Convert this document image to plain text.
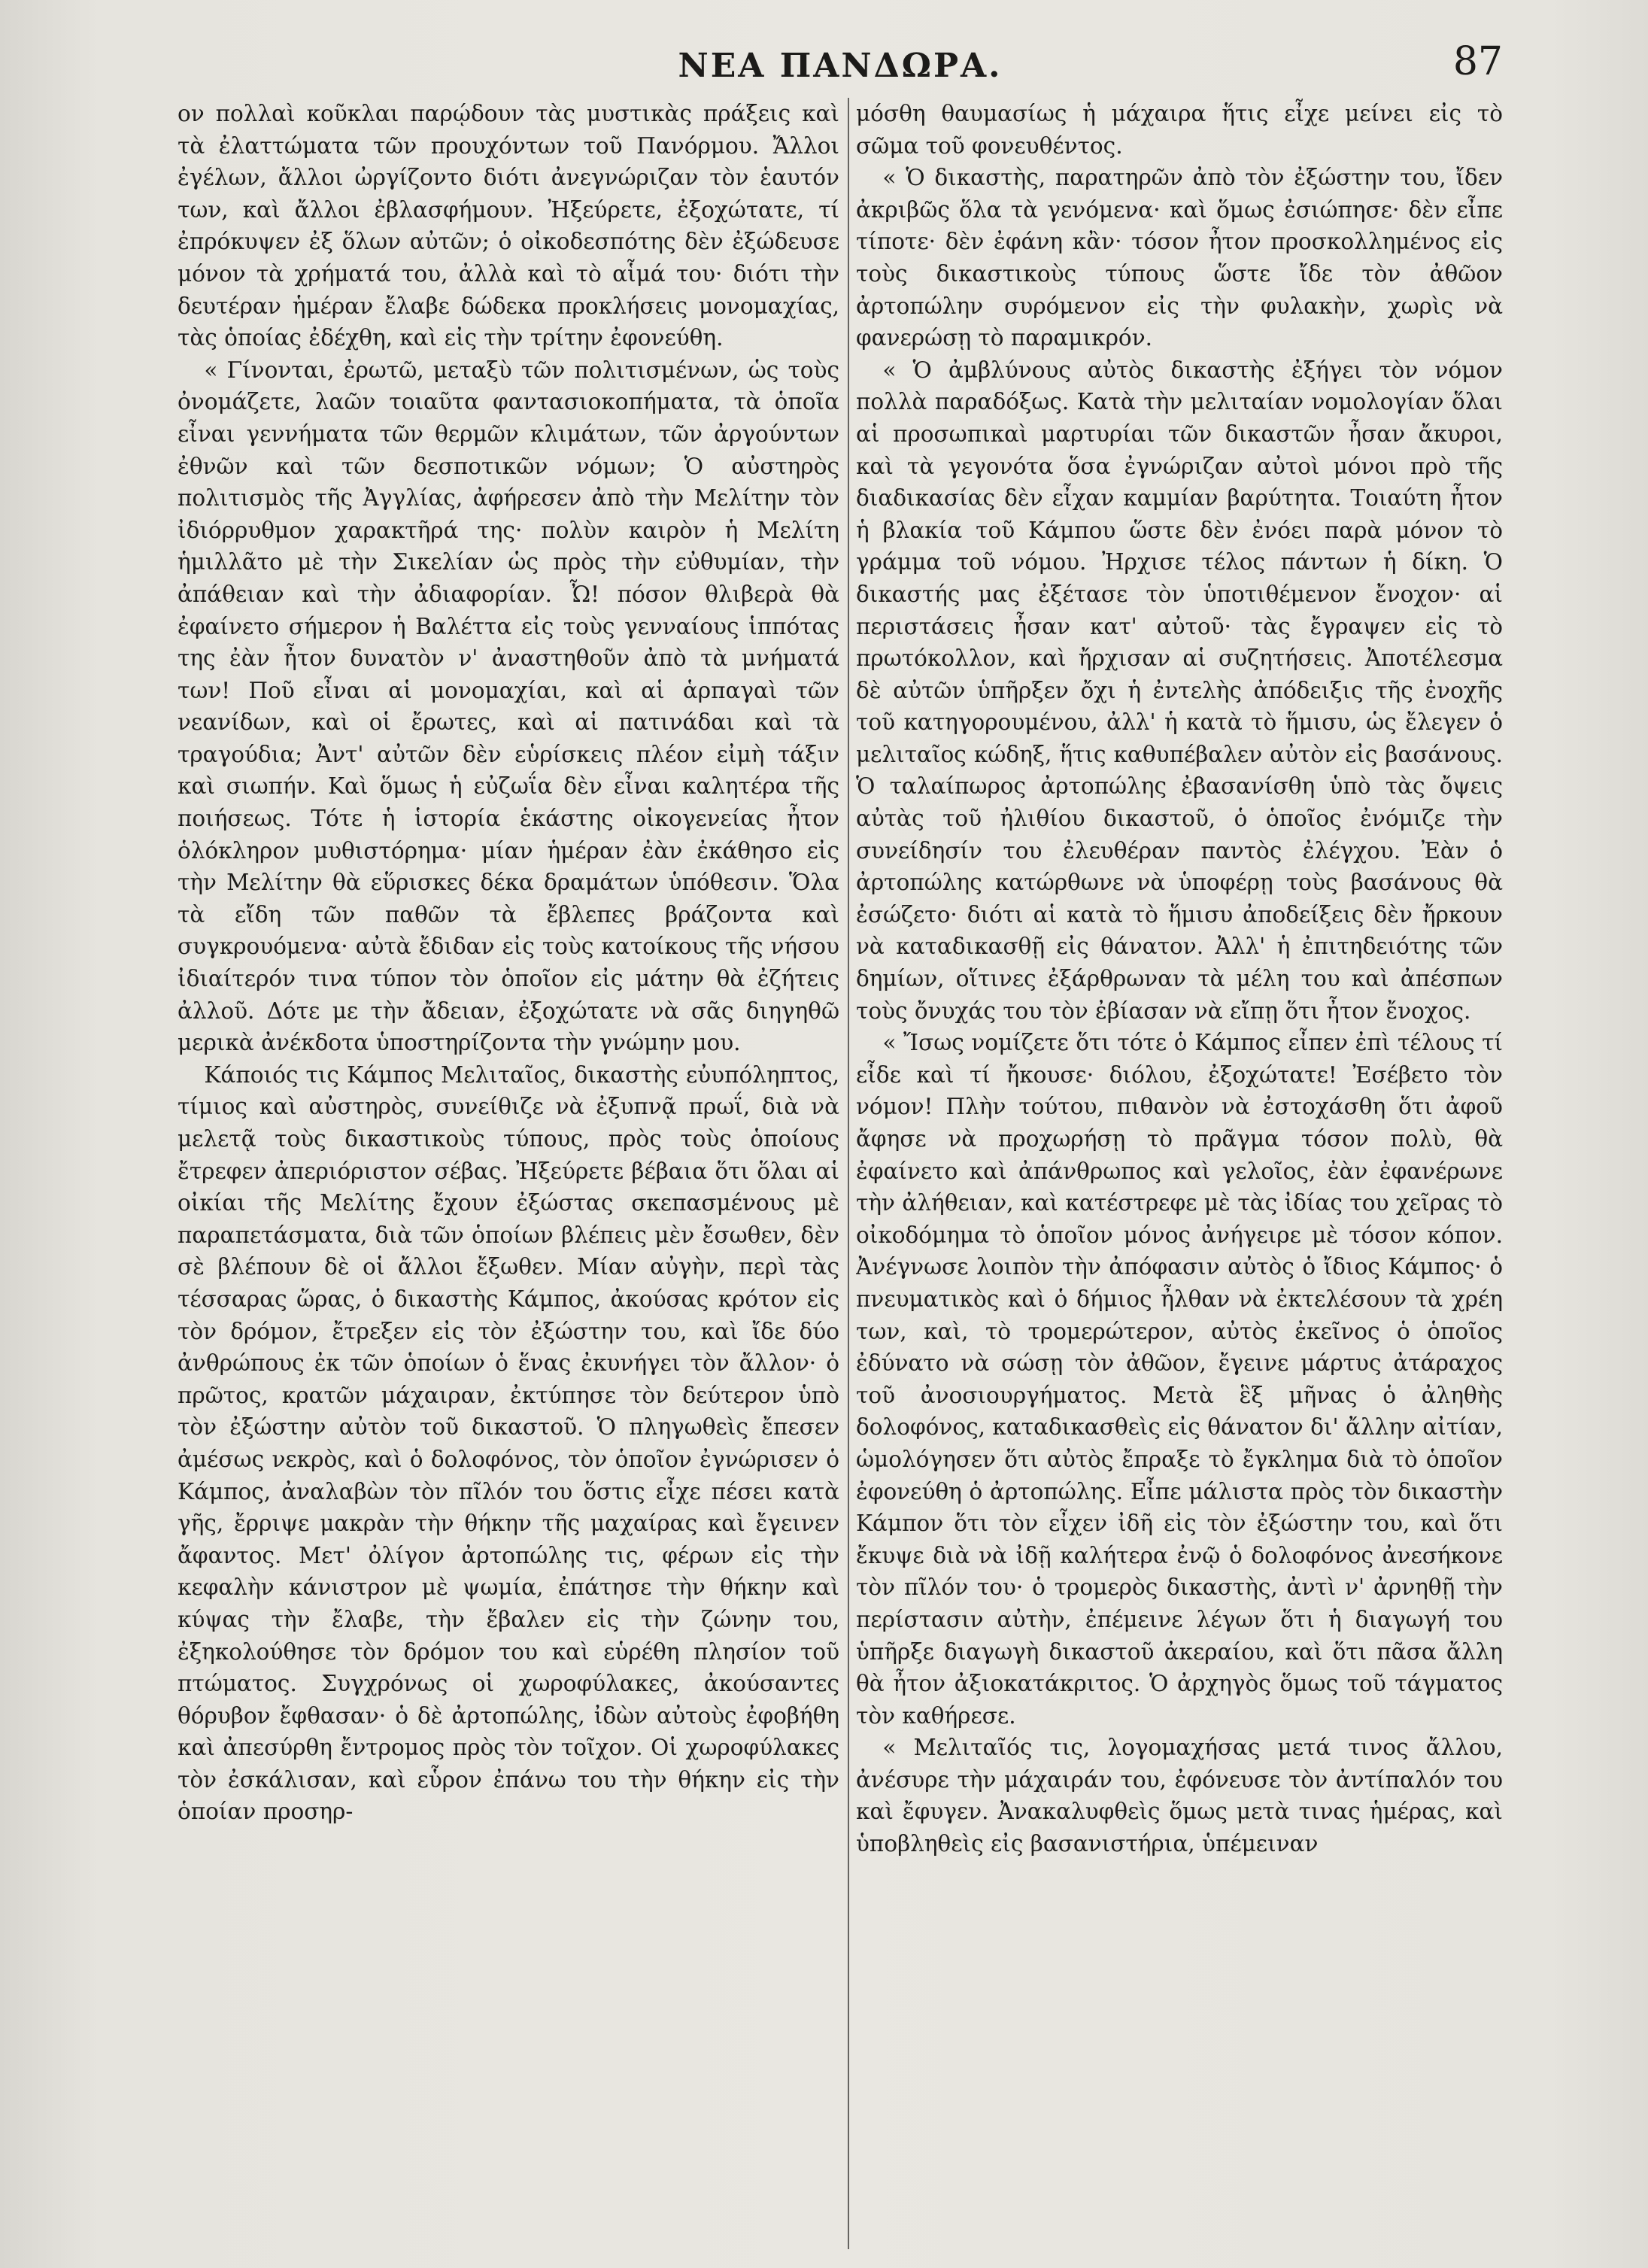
ΝΕΑ ΠΑΝΔΩΡΑ.	87

ον πολλαὶ κοῦκλαι παρῴδουν τὰς μυστικὰς πράξεις καὶ τὰ ἐλαττώματα τῶν προυχόντων τοῦ Πανόρμου. Ἄλλοι ἐγέλων, ἄλλοι ὠργίζοντο διότι ἀνεγνώριζαν τὸν ἑαυτόν των, καὶ ἄλλοι ἐβλασφήμουν. Ἠξεύρετε, ἐξοχώτατε, τί ἐπρόκυψεν ἐξ ὅλων αὐτῶν; ὁ οἰκοδεσπότης δὲν ἐξώδευσε μόνον τὰ χρήματά του, ἀλλὰ καὶ τὸ αἷμά του· διότι τὴν δευτέραν ἡμέραν ἔλαβε δώδεκα προκλήσεις μονομαχίας, τὰς ὁποίας ἐδέχθη, καὶ εἰς τὴν τρίτην ἐφονεύθη.

« Γίνονται, ἐρωτῶ, μεταξὺ τῶν πολιτισμένων, ὡς τοὺς ὀνομάζετε, λαῶν τοιαῦτα φαντασιοκοπήματα, τὰ ὁποῖα εἶναι γεννήματα τῶν θερμῶν κλιμάτων, τῶν ἀργούντων ἐθνῶν καὶ τῶν δεσποτικῶν νόμων; Ὁ αὐστηρὸς πολιτισμὸς τῆς Ἀγγλίας, ἀφήρεσεν ἀπὸ τὴν Μελίτην τὸν ἰδιόρρυθμον χαρακτῆρά της· πολὺν καιρὸν ἡ Μελίτη ἡμιλλᾶτο μὲ τὴν Σικελίαν ὡς πρὸς τὴν εὐθυμίαν, τὴν ἀπάθειαν καὶ τὴν ἀδιαφορίαν. Ὦ! πόσον θλιβερὰ θὰ ἐφαίνετο σήμερον ἡ Βαλέττα εἰς τοὺς γενναίους ἱππότας της ἐὰν ἦτον δυνατὸν ν' ἀναστηθοῦν ἀπὸ τὰ μνήματά των! Ποῦ εἶναι αἱ μονομαχίαι, καὶ αἱ ἁρπαγαὶ τῶν νεανίδων, καὶ οἱ ἔρωτες, καὶ αἱ πατινάδαι καὶ τὰ τραγούδια; Ἀντ' αὐτῶν δὲν εὑρίσκεις πλέον εἰμὴ τάξιν καὶ σιωπήν. Καὶ ὅμως ἡ εὐζωΐα δὲν εἶναι καλητέρα τῆς ποιήσεως. Τότε ἡ ἱστορία ἑκάστης οἰκογενείας ἦτον ὁλόκληρον μυθιστόρημα· μίαν ἡμέραν ἐὰν ἐκάθησο εἰς τὴν Μελίτην θὰ εὕρισκες δέκα δραμάτων ὑπόθεσιν. Ὅλα τὰ εἴδη τῶν παθῶν τὰ ἔβλεπες βράζοντα καὶ συγκρουόμενα· αὐτὰ ἔδιδαν εἰς τοὺς κατοίκους τῆς νήσου ἰδιαίτερόν τινα τύπον τὸν ὁποῖον εἰς μάτην θὰ ἐζήτεις ἀλλοῦ. Δότε με τὴν ἄδειαν, ἐξοχώτατε νὰ σᾶς διηγηθῶ μερικὰ ἀνέκδοτα ὑποστηρίζοντα τὴν γνώμην μου.

Κάποιός τις Κάμπος Μελιταῖος, δικαστὴς εὐυπόληπτος, τίμιος καὶ αὐστηρὸς, συνείθιζε νὰ ἐξυπνᾷ πρωΐ, διὰ νὰ μελετᾷ τοὺς δικαστικοὺς τύπους, πρὸς τοὺς ὁποίους ἔτρεφεν ἀπεριόριστον σέβας. Ἠξεύρετε βέβαια ὅτι ὅλαι αἱ οἰκίαι τῆς Μελίτης ἔχουν ἐξώστας σκεπασμένους μὲ παραπετάσματα, διὰ τῶν ὁποίων βλέπεις μὲν ἔσωθεν, δὲν σὲ βλέπουν δὲ οἱ ἄλλοι ἔξωθεν. Μίαν αὐγὴν, περὶ τὰς τέσσαρας ὥρας, ὁ δικαστὴς Κάμπος, ἀκούσας κρότον εἰς τὸν δρόμον, ἔτρεξεν εἰς τὸν ἐξώστην του, καὶ ἴδε δύο ἀνθρώπους ἐκ τῶν ὁποίων ὁ ἕνας ἐκυνήγει τὸν ἄλλον· ὁ πρῶτος, κρατῶν μάχαιραν, ἐκτύπησε τὸν δεύτερον ὑπὸ τὸν ἐξώστην αὐτὸν τοῦ δικαστοῦ. Ὁ πληγωθεὶς ἔπεσεν ἀμέσως νεκρὸς, καὶ ὁ δολοφόνος, τὸν ὁποῖον ἐγνώρισεν ὁ Κάμπος, ἀναλαβὼν τὸν πῖλόν του ὅστις εἶχε πέσει κατὰ γῆς, ἔρριψε μακρὰν τὴν θήκην τῆς μαχαίρας καὶ ἔγεινεν ἄφαντος. Μετ' ὀλίγον ἀρτοπώλης τις, φέρων εἰς τὴν κεφαλὴν κάνιστρον μὲ ψωμία, ἐπάτησε τὴν θήκην καὶ κύψας τὴν ἔλαβε, τὴν ἔβαλεν εἰς τὴν ζώνην του, ἐξηκολούθησε τὸν δρόμον του καὶ εὑρέθη πλησίον τοῦ πτώματος. Συγχρόνως οἱ χωροφύλακες, ἀκούσαντες θόρυβον ἔφθασαν· ὁ δὲ ἀρτοπώλης, ἰδὼν αὐτοὺς ἐφοβήθη καὶ ἀπεσύρθη ἔντρομος πρὸς τὸν τοῖχον. Οἱ χωροφύλακες τὸν ἐσκάλισαν, καὶ εὗρον ἐπάνω του τὴν θήκην εἰς τὴν ὁποίαν προσηρ-

μόσθη θαυμασίως ἡ μάχαιρα ἥτις εἶχε μείνει εἰς τὸ σῶμα τοῦ φονευθέντος.

« Ὁ δικαστὴς, παρατηρῶν ἀπὸ τὸν ἐξώστην του, ἴδεν ἀκριβῶς ὅλα τὰ γενόμενα· καὶ ὅμως ἐσιώπησε· δὲν εἶπε τίποτε· δὲν ἐφάνη κἂν· τόσον ἦτον προσκολλημένος εἰς τοὺς δικαστικοὺς τύπους ὥστε ἴδε τὸν ἀθῶον ἀρτοπώλην συρόμενον εἰς τὴν φυλακὴν, χωρὶς νὰ φανερώσῃ τὸ παραμικρόν.

« Ὁ ἀμβλύνους αὐτὸς δικαστὴς ἐξήγει τὸν νόμον πολλὰ παραδόξως. Κατὰ τὴν μελιταίαν νομολογίαν ὅλαι αἱ προσωπικαὶ μαρτυρίαι τῶν δικαστῶν ἦσαν ἄκυροι, καὶ τὰ γεγονότα ὅσα ἐγνώριζαν αὐτοὶ μόνοι πρὸ τῆς διαδικασίας δὲν εἶχαν καμμίαν βαρύτητα. Τοιαύτη ἦτον ἡ βλακία τοῦ Κάμπου ὥστε δὲν ἐνόει παρὰ μόνον τὸ γράμμα τοῦ νόμου. Ἠρχισε τέλος πάντων ἡ δίκη. Ὁ δικαστής μας ἐξέτασε τὸν ὑποτιθέμενον ἔνοχον· αἱ περιστάσεις ἦσαν κατ' αὐτοῦ· τὰς ἔγραψεν εἰς τὸ πρωτόκολλον, καὶ ἤρχισαν αἱ συζητήσεις. Ἀποτέλεσμα δὲ αὐτῶν ὑπῆρξεν ὄχι ἡ ἐντελὴς ἀπόδειξις τῆς ἐνοχῆς τοῦ κατηγορουμένου, ἀλλ' ἡ κατὰ τὸ ἥμισυ, ὡς ἔλεγεν ὁ μελιταῖος κώδηξ, ἥτις καθυπέβαλεν αὐτὸν εἰς βασάνους. Ὁ ταλαίπωρος ἀρτοπώλης ἐβασανίσθη ὑπὸ τὰς ὄψεις αὐτὰς τοῦ ἠλιθίου δικαστοῦ, ὁ ὁποῖος ἐνόμιζε τὴν συνείδησίν του ἐλευθέραν παντὸς ἐλέγχου. Ἐὰν ὁ ἀρτοπώλης κατώρθωνε νὰ ὑποφέρῃ τοὺς βασάνους θὰ ἐσώζετο· διότι αἱ κατὰ τὸ ἥμισυ ἀποδείξεις δὲν ἤρκουν νὰ καταδικασθῇ εἰς θάνατον. Ἀλλ' ἡ ἐπιτηδειότης τῶν δημίων, οἵτινες ἐξάρθρωναν τὰ μέλη του καὶ ἀπέσπων τοὺς ὄνυχάς του τὸν ἐβίασαν νὰ εἴπῃ ὅτι ἦτον ἔνοχος.

« Ἴσως νομίζετε ὅτι τότε ὁ Κάμπος εἶπεν ἐπὶ τέλους τί εἶδε καὶ τί ἤκουσε· διόλου, ἐξοχώτατε! Ἐσέβετο τὸν νόμον! Πλὴν τούτου, πιθανὸν νὰ ἐστοχάσθη ὅτι ἀφοῦ ἄφησε νὰ προχωρήσῃ τὸ πρᾶγμα τόσον πολὺ, θὰ ἐφαίνετο καὶ ἀπάνθρωπος καὶ γελοῖος, ἐὰν ἐφανέρωνε τὴν ἀλήθειαν, καὶ κατέστρεφε μὲ τὰς ἰδίας του χεῖρας τὸ οἰκοδόμημα τὸ ὁποῖον μόνος ἀνήγειρε μὲ τόσον κόπον. Ἀνέγνωσε λοιπὸν τὴν ἀπόφασιν αὐτὸς ὁ ἴδιος Κάμπος· ὁ πνευματικὸς καὶ ὁ δήμιος ἦλθαν νὰ ἐκτελέσουν τὰ χρέη των, καὶ, τὸ τρομερώτερον, αὐτὸς ἐκεῖνος ὁ ὁποῖος ἐδύνατο νὰ σώσῃ τὸν ἀθῶον, ἔγεινε μάρτυς ἀτάραχος τοῦ ἀνοσιουργήματος. Μετὰ ἓξ μῆνας ὁ ἀληθὴς δολοφόνος, καταδικασθεὶς εἰς θάνατον δι' ἄλλην αἰτίαν, ὡμολόγησεν ὅτι αὐτὸς ἔπραξε τὸ ἔγκλημα διὰ τὸ ὁποῖον ἐφονεύθη ὁ ἀρτοπώλης. Εἶπε μάλιστα πρὸς τὸν δικαστὴν Κάμπον ὅτι τὸν εἶχεν ἰδῆ εἰς τὸν ἐξώστην του, καὶ ὅτι ἔκυψε διὰ νὰ ἰδῇ καλήτερα ἐνῷ ὁ δολοφόνος ἀνεσήκονε τὸν πῖλόν του· ὁ τρομερὸς δικαστὴς, ἀντὶ ν' ἀρνηθῇ τὴν περίστασιν αὐτὴν, ἐπέμεινε λέγων ὅτι ἡ διαγωγή του ὑπῆρξε διαγωγὴ δικαστοῦ ἀκεραίου, καὶ ὅτι πᾶσα ἄλλη θὰ ἦτον ἀξιοκατάκριτος. Ὁ ἀρχηγὸς ὅμως τοῦ τάγματος τὸν καθήρεσε.

« Μελιταῖός τις, λογομαχήσας μετά τινος ἄλλου, ἀνέσυρε τὴν μάχαιράν του, ἐφόνευσε τὸν ἀντίπαλόν του καὶ ἔφυγεν. Ἀνακαλυφθεὶς ὅμως μετὰ τινας ἡμέρας, καὶ ὑποβληθεὶς εἰς βασανιστήρια, ὑπέμειναν
